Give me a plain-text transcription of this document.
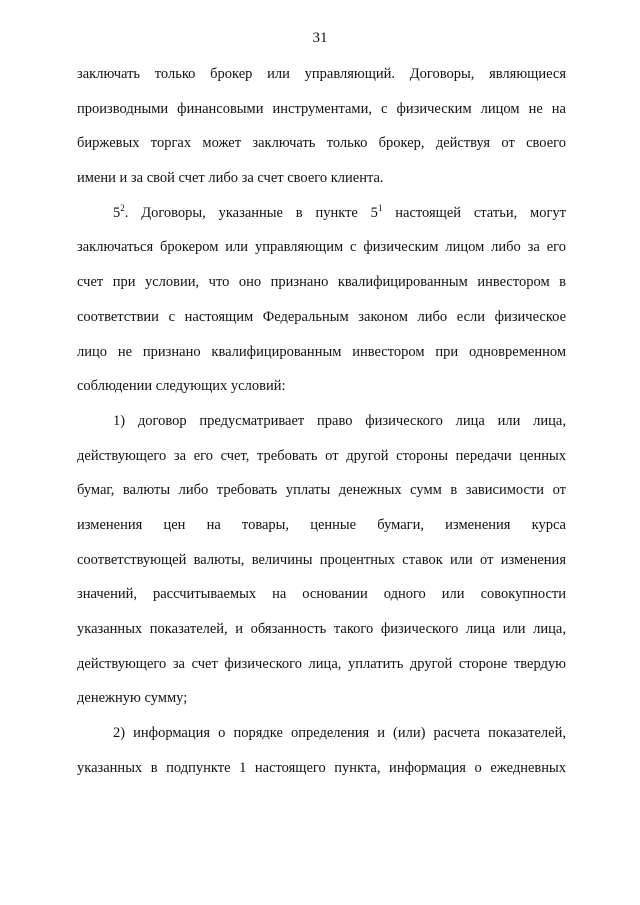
31
заключать только брокер или управляющий. Договоры, являющиеся
производными финансовыми инструментами, с физическим лицом не на
биржевых торгах может заключать только брокер, действуя от своего
имени и за свой счет либо за счет своего клиента.
$5^2$. Договоры, указанные в пункте $5^1$ настоящей статьи, могут
заключаться брокером или управляющим с физическим лицом либо за его
счет при условии, что оно признано квалифицированным инвестором в
соответствии с настоящим Федеральным законом либо если физическое
лицо не признано квалифицированным инвестором при одновременном
соблюдении следующих условий:
1) договор предусматривает право физического лица или лица,
действующего за его счет, требовать от другой стороны передачи ценных
бумаг, валюты либо требовать уплаты денежных сумм в зависимости от
изменения цен на товары, ценные бумаги, изменения курса
соответствующей валюты, величины процентных ставок или от изменения
значений, рассчитываемых на основании одного или совокупности
указанных показателей, и обязанность такого физического лица или лица,
действующего за счет физического лица, уплатить другой стороне твердую
денежную сумму;
2) информация о порядке определения и (или) расчета показателей,
указанных в подпункте 1 настоящего пункта, информация о ежедневных
